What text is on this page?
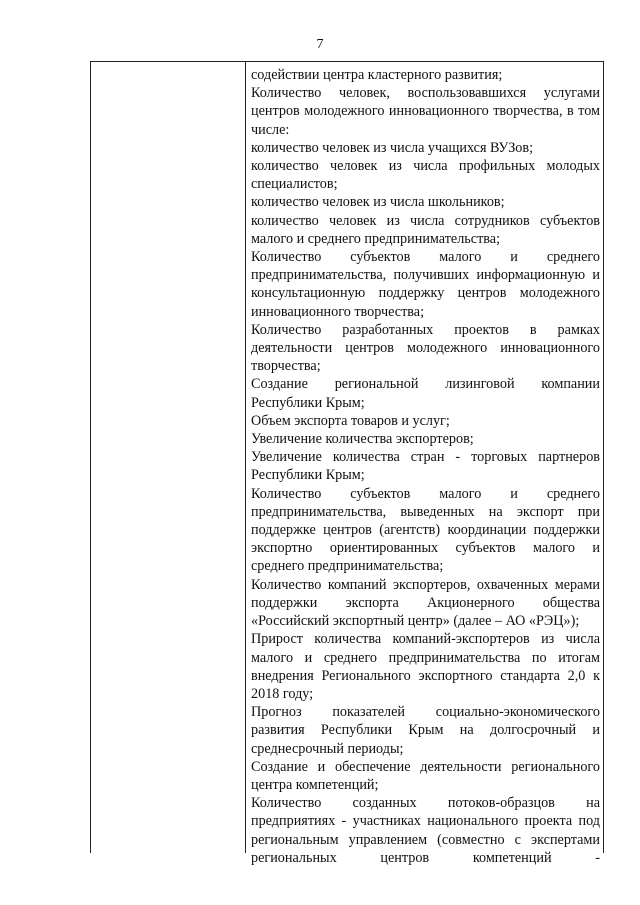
7
содействии центра кластерного развития;
Количество человек, воспользовавшихся услугами центров молодежного инновационного творчества, в том числе:
количество человек из числа учащихся ВУЗов;
количество человек из числа профильных молодых специалистов;
количество человек из числа школьников;
количество человек из числа сотрудников субъектов малого и среднего предпринимательства;
Количество субъектов малого и среднего предпринимательства, получивших информационную и консультационную поддержку центров молодежного инновационного творчества;
Количество разработанных проектов в рамках деятельности центров молодежного инновационного творчества;
Создание региональной лизинговой компании Республики Крым;
Объем экспорта товаров и услуг;
Увеличение количества экспортеров;
Увеличение количества стран - торговых партнеров Республики Крым;
Количество субъектов малого и среднего предпринимательства, выведенных на экспорт при поддержке центров (агентств) координации поддержки экспортно ориентированных субъектов малого и среднего предпринимательства;
Количество компаний экспортеров, охваченных мерами поддержки экспорта Акционерного общества «Российский экспортный центр» (далее – АО «РЭЦ»);
Прирост количества компаний-экспортеров из числа малого и среднего предпринимательства по итогам внедрения Регионального экспортного стандарта 2,0 к 2018 году;
Прогноз показателей социально-экономического развития Республики Крым на долгосрочный и среднесрочный периоды;
Создание и обеспечение деятельности регионального центра компетенций;
Количество созданных потоков-образцов на предприятиях - участниках национального проекта под региональным управлением (совместно с экспертами региональных центров компетенций -
